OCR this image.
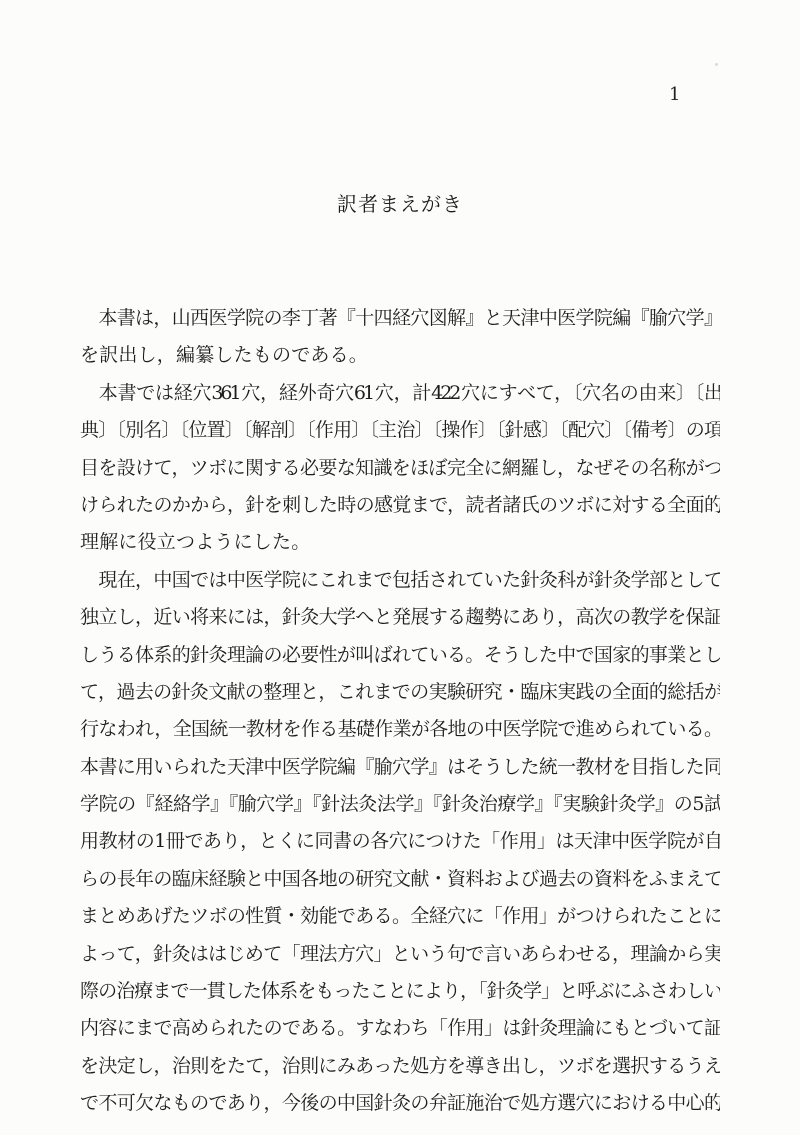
1
訳者まえがき
　本書は，山西医学院の李丁著『十四経穴図解』と天津中医学院編『腧穴学』
を訳出し，編纂したものである。
　本書では経穴361穴，経外奇穴61穴，計422穴にすべて，〔穴名の由来〕〔出
典〕〔別名〕〔位置〕〔解剖〕〔作用〕〔主治〕〔操作〕〔針感〕〔配穴〕〔備考〕の項
目を設けて，ツボに関する必要な知識をほぼ完全に網羅し，なぜその名称がつ
けられたのかから，針を刺した時の感覚まで，読者諸氏のツボに対する全面的
理解に役立つようにした。
　現在，中国では中医学院にこれまで包括されていた針灸科が針灸学部として
独立し，近い将来には，針灸大学へと発展する趨勢にあり，高次の教学を保証
しうる体系的針灸理論の必要性が叫ばれている。そうした中で国家的事業とし
て，過去の針灸文献の整理と，これまでの実験研究・臨床実践の全面的総括が
行なわれ，全国統一教材を作る基礎作業が各地の中医学院で進められている。
本書に用いられた天津中医学院編『腧穴学』はそうした統一教材を目指した同
学院の『経絡学』『腧穴学』『針法灸法学』『針灸治療学』『実験針灸学』の5試
用教材の1冊であり，とくに同書の各穴につけた「作用」は天津中医学院が自
らの長年の臨床経験と中国各地の研究文献・資料および過去の資料をふまえて
まとめあげたツボの性質・効能である。全経穴に「作用」がつけられたことに
よって，針灸ははじめて「理法方穴」という句で言いあらわせる，理論から実
際の治療まで一貫した体系をもったことにより，「針灸学」と呼ぶにふさわしい
内容にまで高められたのである。すなわち「作用」は針灸理論にもとづいて証
を決定し，治則をたて，治則にみあった処方を導き出し，ツボを選択するうえ
で不可欠なものであり，今後の中国針灸の弁証施治で処方選穴における中心的
